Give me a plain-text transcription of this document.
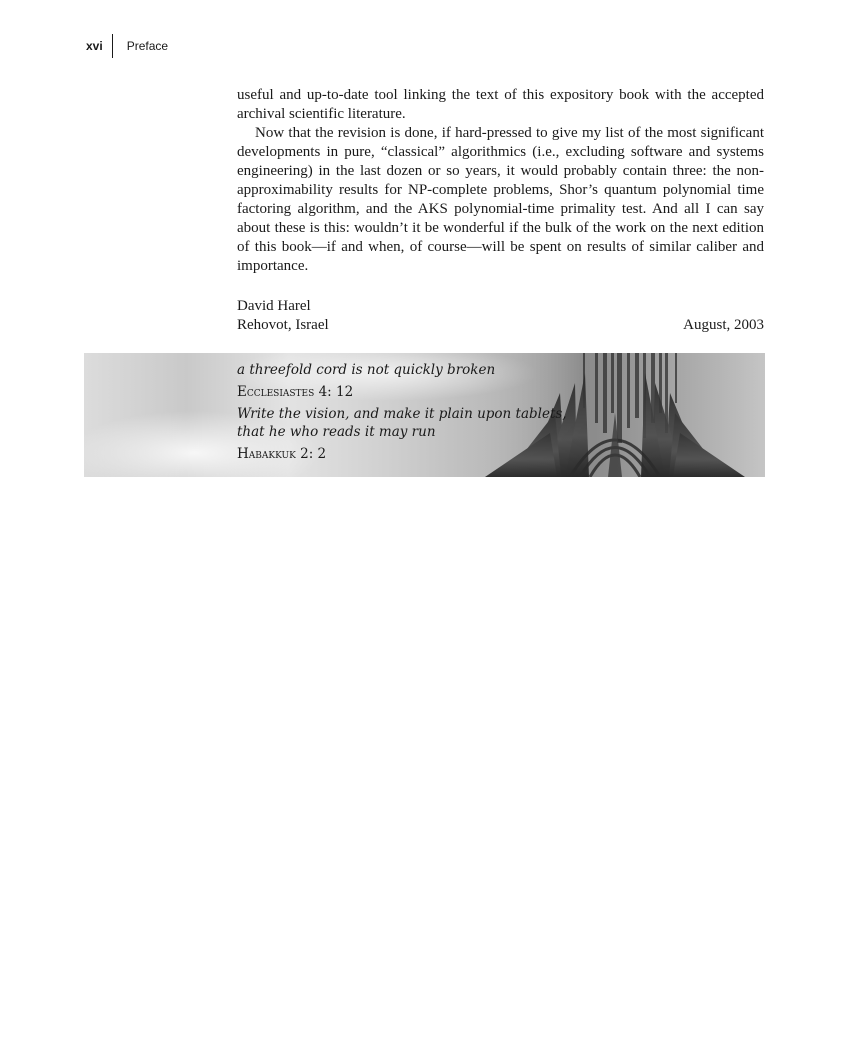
xvi	Preface

useful and up-to-date tool linking the text of this expository book with the accepted archival scientific literature.

Now that the revision is done, if hard-pressed to give my list of the most significant developments in pure, “classical” algorithmics (i.e., excluding software and systems engineering) in the last dozen or so years, it would probably contain three: the non-approximability results for NP-complete problems, Shor’s quantum polynomial time factoring algorithm, and the AKS polynomial-time primality test. And all I can say about these is this: wouldn’t it be wonderful if the bulk of the work on the next edition of this book—if and when, of course—will be spent on results of similar caliber and importance.

David Harel
Rehovot, Israel	August, 2003
a threefold cord is not quickly broken
Ecclesiastes 4: 12
Write the vision, and make it plain upon tablets,
that he who reads it may run
Habakkuk 2: 2
